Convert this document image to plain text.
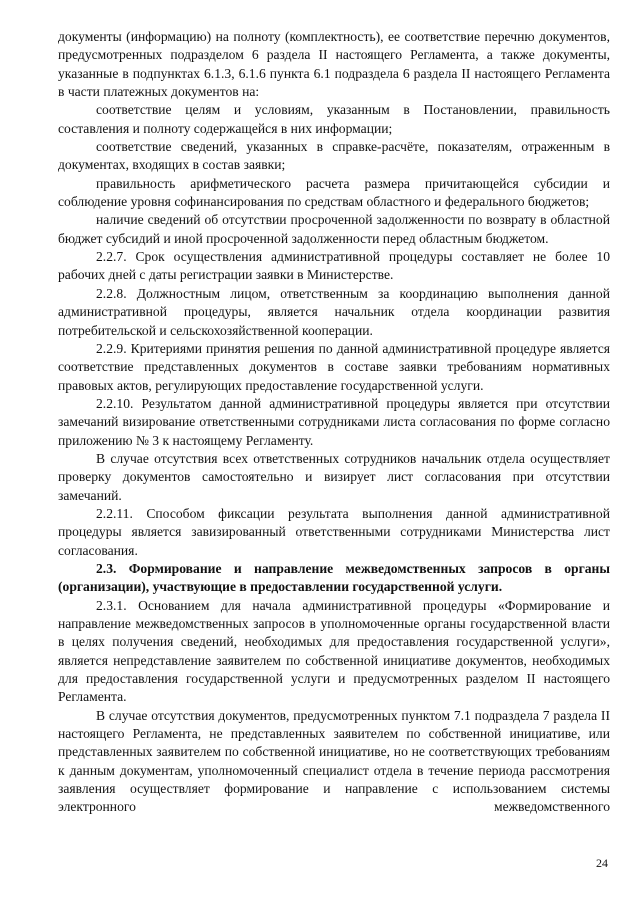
документы (информацию) на полноту (комплектность), ее соответствие перечню документов, предусмотренных подразделом 6 раздела II настоящего Регламента, а также документы, указанные в подпунктах 6.1.3, 6.1.6 пункта 6.1 подраздела 6 раздела II настоящего Регламента в части платежных документов на:

соответствие целям и условиям, указанным в Постановлении, правильность составления и полноту содержащейся в них информации;

соответствие сведений, указанных в справке-расчёте, показателям, отраженным в документах, входящих в состав заявки;

правильность арифметического расчета размера причитающейся субсидии и соблюдение уровня софинансирования по средствам областного и федерального бюджетов;

наличие сведений об отсутствии просроченной задолженности по возврату в областной бюджет субсидий и иной просроченной задолженности перед областным бюджетом.

2.2.7. Срок осуществления административной процедуры составляет не более 10 рабочих дней с даты регистрации заявки в Министерстве.

2.2.8. Должностным лицом, ответственным за координацию выполнения данной административной процедуры, является начальник отдела координации развития потребительской и сельскохозяйственной кооперации.

2.2.9. Критериями принятия решения по данной административной процедуре является соответствие представленных документов в составе заявки требованиям нормативных правовых актов, регулирующих предоставление государственной услуги.

2.2.10. Результатом данной административной процедуры является при отсутствии замечаний визирование ответственными сотрудниками листа согласования по форме согласно приложению № 3 к настоящему Регламенту.

В случае отсутствия всех ответственных сотрудников начальник отдела осуществляет проверку документов самостоятельно и визирует лист согласования при отсутствии замечаний.

2.2.11. Способом фиксации результата выполнения данной административной процедуры является завизированный ответственными сотрудниками Министерства лист согласования.

2.3. Формирование и направление межведомственных запросов в органы (организации), участвующие в предоставлении государственной услуги.

2.3.1. Основанием для начала административной процедуры «Формирование и направление межведомственных запросов в уполномоченные органы государственной власти в целях получения сведений, необходимых для предоставления государственной услуги», является непредставление заявителем по собственной инициативе документов, необходимых для предоставления государственной услуги и предусмотренных разделом II настоящего Регламента.

В случае отсутствия документов, предусмотренных пунктом 7.1 подраздела 7 раздела II настоящего Регламента, не представленных заявителем по собственной инициативе, или представленных заявителем по собственной инициативе, но не соответствующих требованиям к данным документам, уполномоченный специалист отдела в течение периода рассмотрения заявления осуществляет формирование и направление с использованием системы электронного межведомственного

24
